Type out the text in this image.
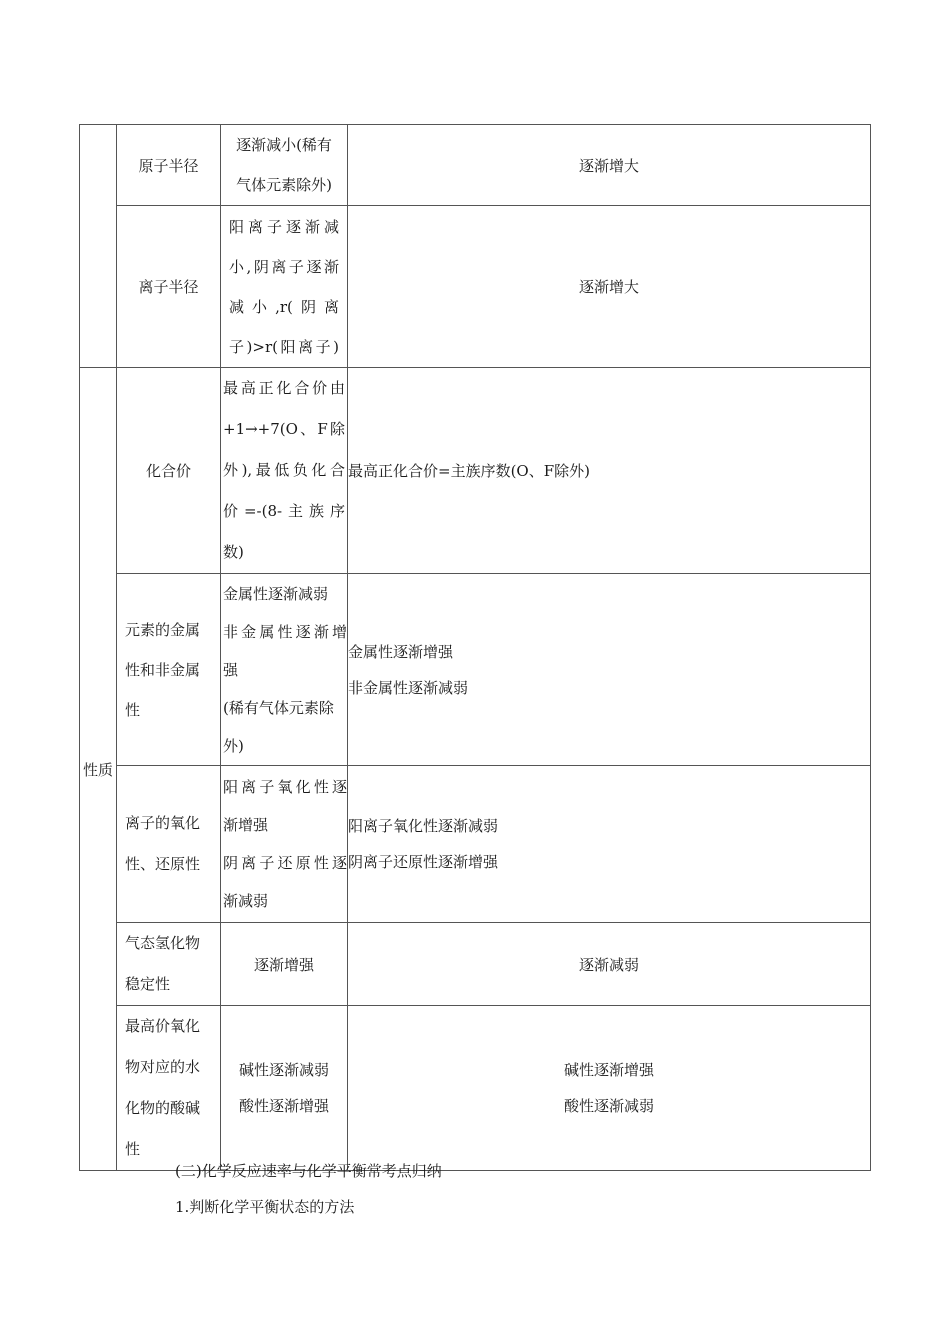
	原子半径	逐渐减小(稀有
气体元素除外)	逐渐增大
	离子半径	阳离子逐渐减
小,阴离子逐渐
减小,r(阴离
子)>r(阳离子)	逐渐增大
性质	化合价	最高正化合价由
+1→+7(O、F除
外),最低负化合
价=-(8-主族序
数)	最高正化合价=主族序数(O、F除外)

	元素的金属
性和非金属
性	金属性逐渐减弱
非金属性逐渐增
强
(稀有气体元素除
外)	金属性逐渐增强
非金属性逐渐减弱

	离子的氧化
性、还原性	阳离子氧化性逐
渐增强
阴离子还原性逐
渐减弱	阳离子氧化性逐渐减弱
阴离子还原性逐渐增强

	气态氢化物
稳定性	逐渐增强	逐渐减弱

	最高价氧化
物对应的水
化物的酸碱
性	碱性逐渐减弱
酸性逐渐增强	碱性逐渐增强
酸性逐渐减弱
(二)化学反应速率与化学平衡常考点归纳
1.判断化学平衡状态的方法
